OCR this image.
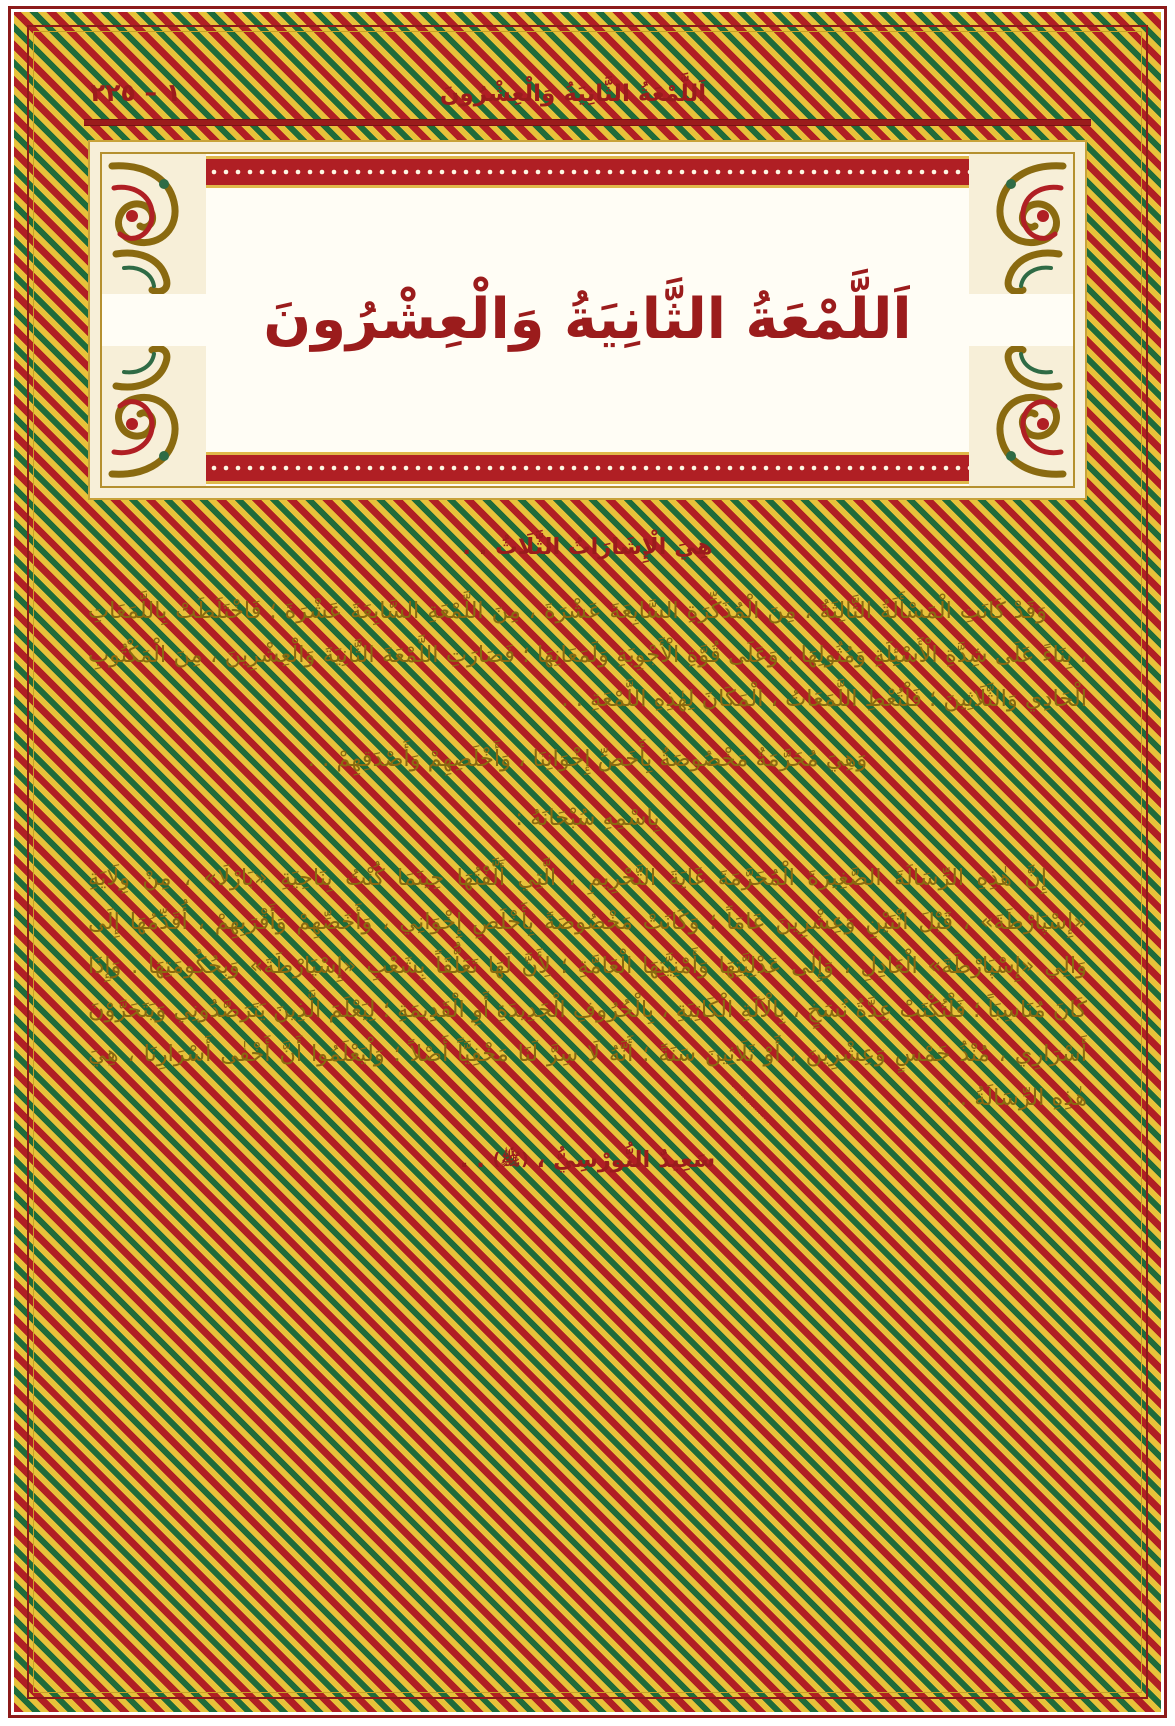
١ – ٢٢٥	اَللَّمْعَةُ الثَّانِيَةُ وَالْعِشْرُونَ
اَللَّمْعَةُ الثَّانِيَةُ وَالْعِشْرُونَ

هِيَ الْإِشَارَاتُ الثَّلَاثُ . .

وَقَدْ كَانَتِ الْمَسْأَلَةُ الثَّالِثَةُ ، مِنَ الْمُذَكِّرَةِ السَّابِعَةَ عَشْرَةَ ، مِنَ اللَّمْعَةِ السَّابِعَةَ عَشْرَةَ ؛ فَاخْتَلَطَتْ بِاللَّمَعَاتِ ، بِنَاءً عَلَى شِدَّةِ الْأَسْئِلَةِ وَمُثُولِهَا ، وَعَلَى قُوَّةِ الْأَجْوِبَةِ وَلَمَعَانِهَا ؛ فَصَارَتِ اللَّمْعَةَ الثَّانِيَةَ وَالْعِشْرِينَ ، مِنَ الْمَكْتُوبِ الْحَادِي وَالثَّلَاثِينَ ؛ فَلْتُعْطِ اللَّمَعَاتُ ، الْمَكَانَ لِهٰذِهِ اللَّمْعَةِ . .

وَهِيَ مُحَرَّمَةٌ مَخْصُوصَةٌ بِأَخَصِّ إِخْوَانِنَا ، وَأَخْلَصِهِمْ وَأَصْدَقِهِمْ . .

بِاسْمِهِ سُبْحَانَهُ :

إِنَّ هٰذِهِ الرِّسَالَةَ الصَّغِيرَةَ الْمُحَرَّمَةَ غَايَةَ التَّحْرِيمِ ، الَّتِي أَلَّفْتُهَا حِينَمَا كُنْتُ بِنَاحِيَةِ «بَارْلَا» ، مِنْ وِلَايَةِ «إِسْپَارْطَةَ» ، قَبْلَ اثْنَيْنِ وَعِشْرِينَ عَامَاً ؛ وَكَانَتْ مَخْصُوصَةً بِأَخْلَصِ إِخْوَانِي ، وَأَخَصِّهِمْ وَأَقْرَبِهِمْ ، أُقَدِّمُهَا إِلَى وَالِي «إِسْپَارْطَةَ» الْعَادِلِ ، وَإِلٰى عَدْلِيَّتِهَا وَأَمْنِيَّتِهَا الْعَامَّةِ ؛ لِأَنَّ لَهَا تَعَلُّقَاً بِشَعْبِ «إِسْپَارْطَةَ» وَبِحُكُومَتِهَا . وَإِذَا كَانَ مُنَاسِبَاً ؛ فَلْتُكْتَبْ عِدَّةُ نُسَخٍ ، بِالْآلَةِ الْكَاتِبَةِ ، بِالْحُرُوفِ الْجَدِيدَةِ أَوِ الْقَدِيمَةِ ؛ لِيَعْلَمَ الَّذِينَ يَتَرَصَّدُونِي وَيَتَحَرَّوْنَ أَسْرَارِي ، مُنْذُ خَمْسٍ وَعِشْرِينَ ، أَوْ ثَلَاثِينَ سَنَةً ؛ أَنَّهُ لَا سِرَّ لَنَا مَخْفِيَّاً أَصْلاً ؛ وَلْيَعْلَمُوا أَنَّ أَخْفٰى أَسْرَارِنَا ، هِيَ هٰذِهِ الرِّسَالَةُ . .

سَعِيدٌ النُّورْسِيُّ ، (ﷺ) . .
